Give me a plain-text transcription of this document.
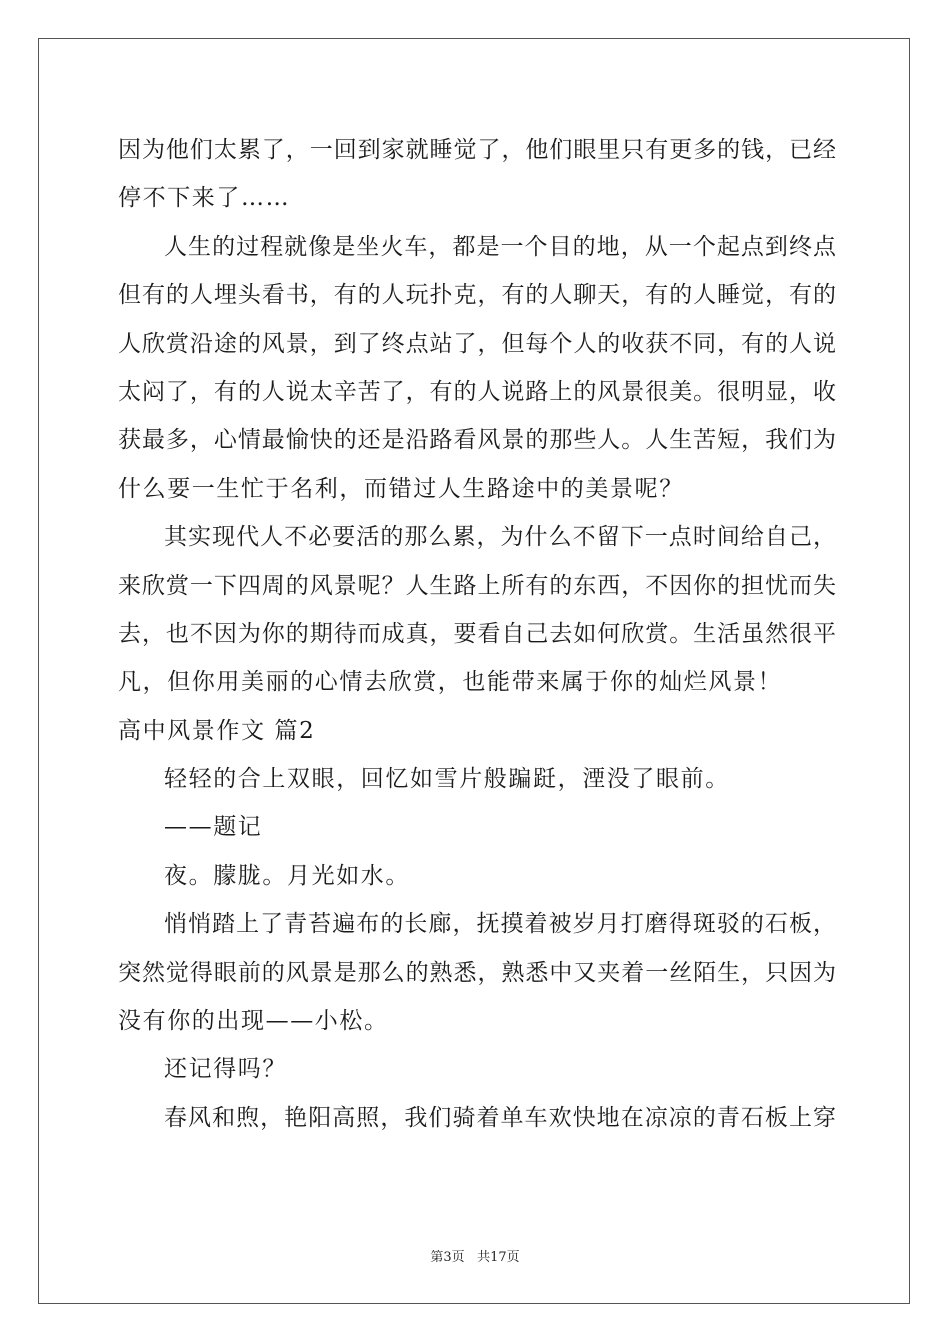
因为他们太累了，一回到家就睡觉了，他们眼里只有更多的钱，已经
停不下来了……
人生的过程就像是坐火车，都是一个目的地，从一个起点到终点
但有的人埋头看书，有的人玩扑克，有的人聊天，有的人睡觉，有的
人欣赏沿途的风景，到了终点站了，但每个人的收获不同，有的人说
太闷了，有的人说太辛苦了，有的人说路上的风景很美。很明显，收
获最多，心情最愉快的还是沿路看风景的那些人。人生苦短，我们为
什么要一生忙于名利，而错过人生路途中的美景呢？
其实现代人不必要活的那么累，为什么不留下一点时间给自己，
来欣赏一下四周的风景呢？人生路上所有的东西，不因你的担忧而失
去，也不因为你的期待而成真，要看自己去如何欣赏。生活虽然很平
凡，但你用美丽的心情去欣赏，也能带来属于你的灿烂风景！
高中风景作文 篇2
轻轻的合上双眼，回忆如雪片般蹁跹，湮没了眼前。
——题记
夜。朦胧。月光如水。
悄悄踏上了青苔遍布的长廊，抚摸着被岁月打磨得斑驳的石板，
突然觉得眼前的风景是那么的熟悉，熟悉中又夹着一丝陌生，只因为
没有你的出现——小松。
还记得吗？
春风和煦，艳阳高照，我们骑着单车欢快地在凉凉的青石板上穿
第3页 共17页
